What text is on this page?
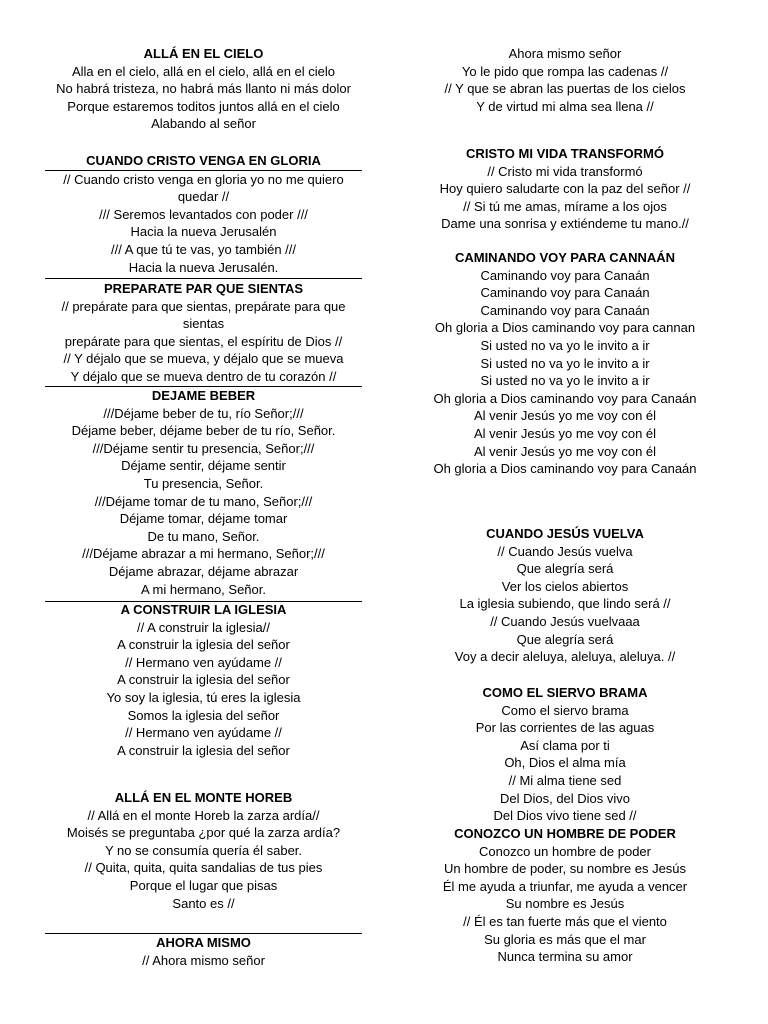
ALLÁ EN EL CIELO
Alla en el cielo, allá en el cielo, allá en el cielo
No habrá tristeza, no habrá más llanto ni más dolor
Porque estaremos toditos juntos allá en el cielo
Alabando al señor
CUANDO CRISTO VENGA EN GLORIA
// Cuando cristo venga en gloria yo no me quiero
quedar //
/// Seremos levantados con poder ///
Hacia la nueva Jerusalén
/// A que tú te vas, yo también ///
Hacia la nueva Jerusalén.
PREPARATE PAR QUE SIENTAS
// prepárate para que sientas, prepárate para que
sientas
prepárate para que sientas, el espíritu de Dios //
// Y déjalo que se mueva, y déjalo que se mueva
Y déjalo que se mueva dentro de tu corazón //
DEJAME BEBER
///Déjame beber de tu, río Señor;///
Déjame beber, déjame beber de tu río, Señor.
///Déjame sentir tu presencia, Señor;///
Déjame sentir, déjame sentir
Tu presencia, Señor.
///Déjame tomar de tu mano, Señor;///
Déjame tomar, déjame tomar
De tu mano, Señor.
///Déjame abrazar a mi hermano, Señor;///
Déjame abrazar, déjame abrazar
A mi hermano, Señor.
A CONSTRUIR LA IGLESIA
// A construir la iglesia//
A construir la iglesia del señor
// Hermano ven ayúdame //
A construir la iglesia del señor
Yo soy la iglesia, tú eres la iglesia
Somos la iglesia del señor
// Hermano ven ayúdame //
A construir la iglesia del señor
ALLÁ EN EL MONTE HOREB
// Allá en el monte Horeb la zarza ardía//
Moisés se preguntaba ¿por qué la zarza ardía?
Y no se consumía quería él saber.
// Quita, quita, quita sandalias de tus pies
Porque el lugar que pisas
Santo es //
AHORA MISMO
// Ahora mismo señor
Ahora mismo señor
Yo le pido que rompa las cadenas //
// Y que se abran las puertas de los cielos
Y de virtud mi alma sea llena //
CRISTO MI VIDA TRANSFORMÓ
// Cristo mi vida transformó
Hoy quiero saludarte con la paz del señor //
// Si tú me amas, mírame a los ojos
Dame una sonrisa y extiéndeme tu mano.//
CAMINANDO VOY PARA CANNAÁN
Caminando voy para Canaán
Caminando voy para Canaán
Caminando voy para Canaán
Oh gloria a Dios caminando voy para cannan
Si usted no va yo le invito a ir
Si usted no va yo le invito a ir
Si usted no va yo le invito a ir
Oh gloria a Dios caminando voy para Canaán
Al venir Jesús yo me voy con él
Al venir Jesús yo me voy con él
Al venir Jesús yo me voy con él
Oh gloria a Dios caminando voy para Canaán
CUANDO JESÚS VUELVA
// Cuando Jesús vuelva
Que alegría será
Ver los cielos abiertos
La iglesia subiendo, que lindo será //
// Cuando Jesús vuelvaaa
Que alegría será
Voy a decir aleluya, aleluya, aleluya. //
COMO EL SIERVO BRAMA
Como el siervo brama
Por las corrientes de las aguas
Así clama por ti
Oh, Dios el alma mía
// Mi alma tiene sed
Del Dios, del Dios vivo
Del Dios vivo tiene sed //
CONOZCO UN HOMBRE DE PODER
Conozco un hombre de poder
Un hombre de poder, su nombre es Jesús
Él me ayuda a triunfar, me ayuda a vencer
Su nombre es Jesús
// Él es tan fuerte más que el viento
Su gloria es más que el mar
Nunca termina su amor
